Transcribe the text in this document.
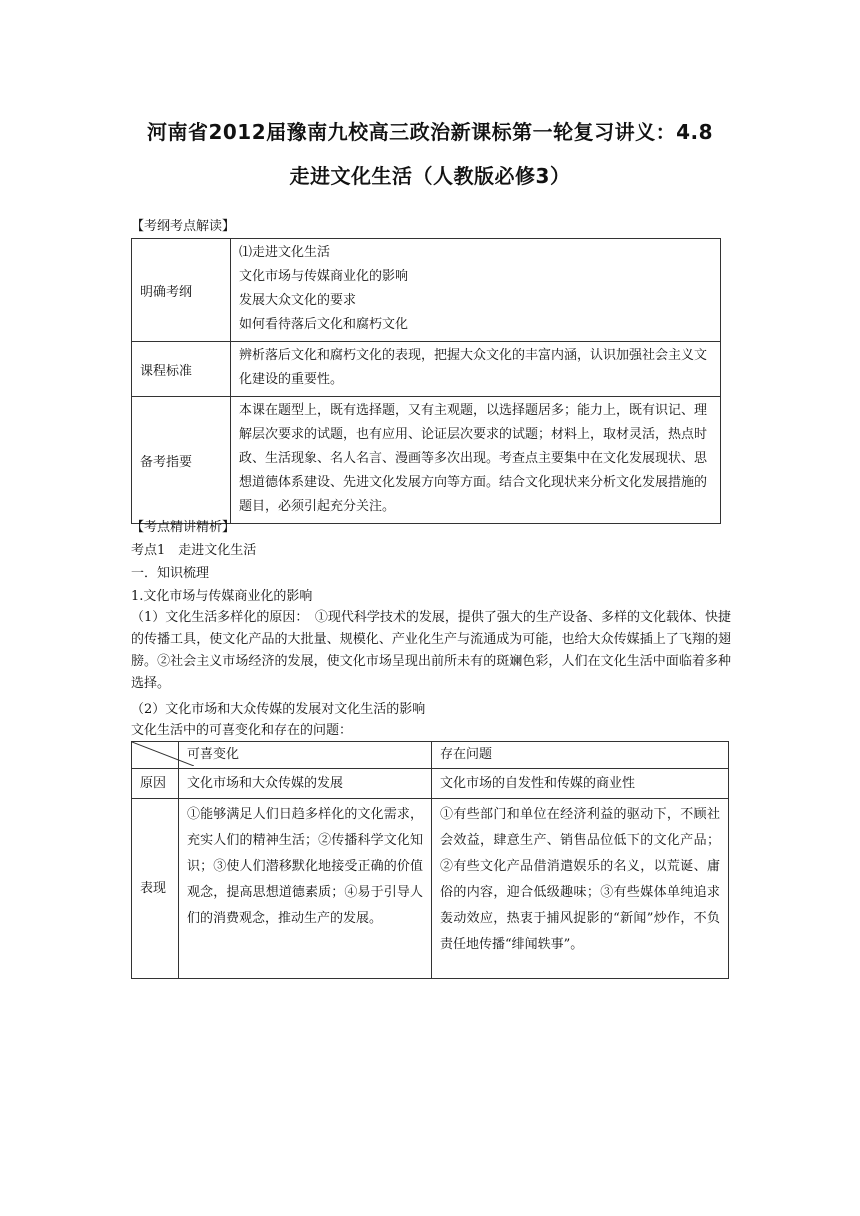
河南省2012届豫南九校高三政治新课标第一轮复习讲义：4.8
走进文化生活（人教版必修3）
【考纲考点解读】
明确考纲	⑴走进文化生活
文化市场与传媒商业化的影响
发展大众文化的要求
如何看待落后文化和腐朽文化

课程标准	辨析落后文化和腐朽文化的表现，把握大众文化的丰富内涵，认识加强社会主义文化建设的重要性。
备考指要	本课在题型上，既有选择题，又有主观题，以选择题居多；能力上，既有识记、理解层次要求的试题，也有应用、论证层次要求的试题；材料上，取材灵活，热点时政、生活现象、名人名言、漫画等多次出现。考查点主要集中在文化发展现状、思想道德体系建设、先进文化发展方向等方面。结合文化现状来分析文化发展措施的题目，必须引起充分关注。
【考点精讲精析】
考点1　走进文化生活
一．知识梳理
1.文化市场与传媒商业化的影响
（1）文化生活多样化的原因：　①现代科学技术的发展，提供了强大的生产设备、多样的文化载体、快捷的传播工具，使文化产品的大批量、规模化、产业化生产与流通成为可能，也给大众传媒插上了飞翔的翅膀。②社会主义市场经济的发展，使文化市场呈现出前所未有的斑斓色彩，人们在文化生活中面临着多种选择。
（2）文化市场和大众传媒的发展对文化生活的影响
文化生活中的可喜变化和存在的问题：
	可喜变化	存在问题
原因	文化市场和大众传媒的发展	文化市场的自发性和传媒的商业性
表现	①能够满足人们日趋多样化的文化需求，充实人们的精神生活；②传播科学文化知识；③使人们潜移默化地接受正确的价值观念，提高思想道德素质；④易于引导人们的消费观念，推动生产的发展。	①有些部门和单位在经济利益的驱动下，不顾社会效益，肆意生产、销售品位低下的文化产品；②有些文化产品借消遣娱乐的名义，以荒诞、庸俗的内容，迎合低级趣味；③有些媒体单纯追求轰动效应，热衷于捕风捉影的“新闻”炒作，不负责任地传播“绯闻轶事”。
